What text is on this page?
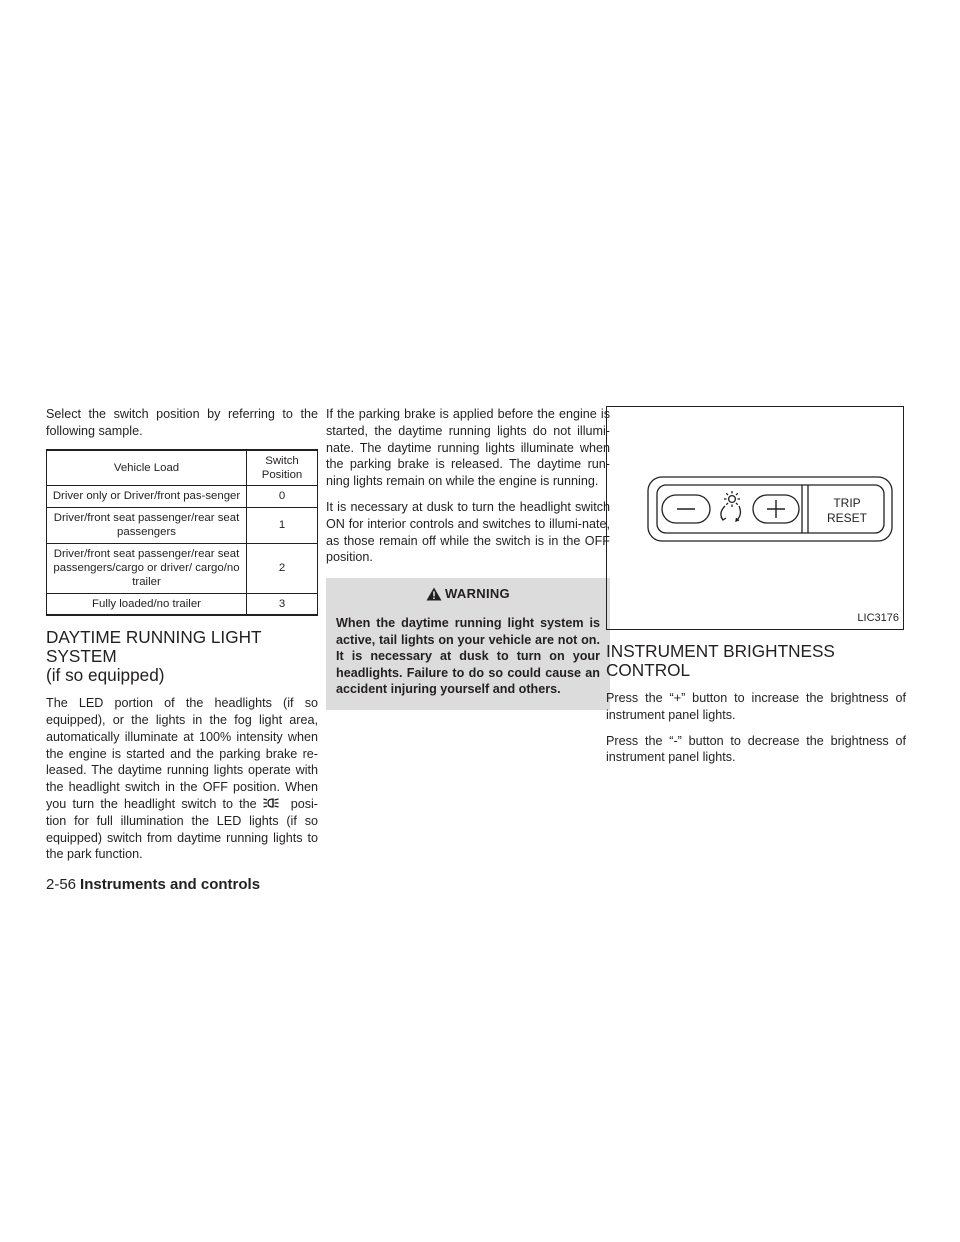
Select the switch position by referring to the following sample.

Vehicle Load	Switch Position
Driver only or Driver/front pas-senger	0
Driver/front seat passenger/rear seat passengers	1
Driver/front seat passenger/rear seat passengers/cargo or driver/ cargo/no trailer	2
Fully loaded/no trailer	3
DAYTIME RUNNING LIGHT SYSTEM
(if so equipped)

The LED portion of the headlights (if so equipped), or the lights in the fog light area, automatically illuminate at 100% intensity when the engine is started and the parking brake re-leased. The daytime running lights operate with the headlight switch in the OFF position. When you turn the headlight switch to the	posi-tion for full illumination the LED lights (if so equipped) switch from daytime running lights to the park function.

If the parking brake is applied before the engine is started, the daytime running lights do not illumi-nate. The daytime running lights illuminate when the parking brake is released. The daytime run-ning lights remain on while the engine is running.

It is necessary at dusk to turn the headlight switch ON for interior controls and switches to illumi-nate, as those remain off while the switch is in the OFF position.

WARNING

When the daytime running light system is active, tail lights on your vehicle are not on. It is necessary at dusk to turn on your headlights. Failure to do so could cause an accident injuring yourself and others.

TRIP
RESET
LIC3176
INSTRUMENT BRIGHTNESS
CONTROL

Press the “+” button to increase the brightness of instrument panel lights.

Press the “-” button to decrease the brightness of instrument panel lights.

2-56 Instruments and controls
